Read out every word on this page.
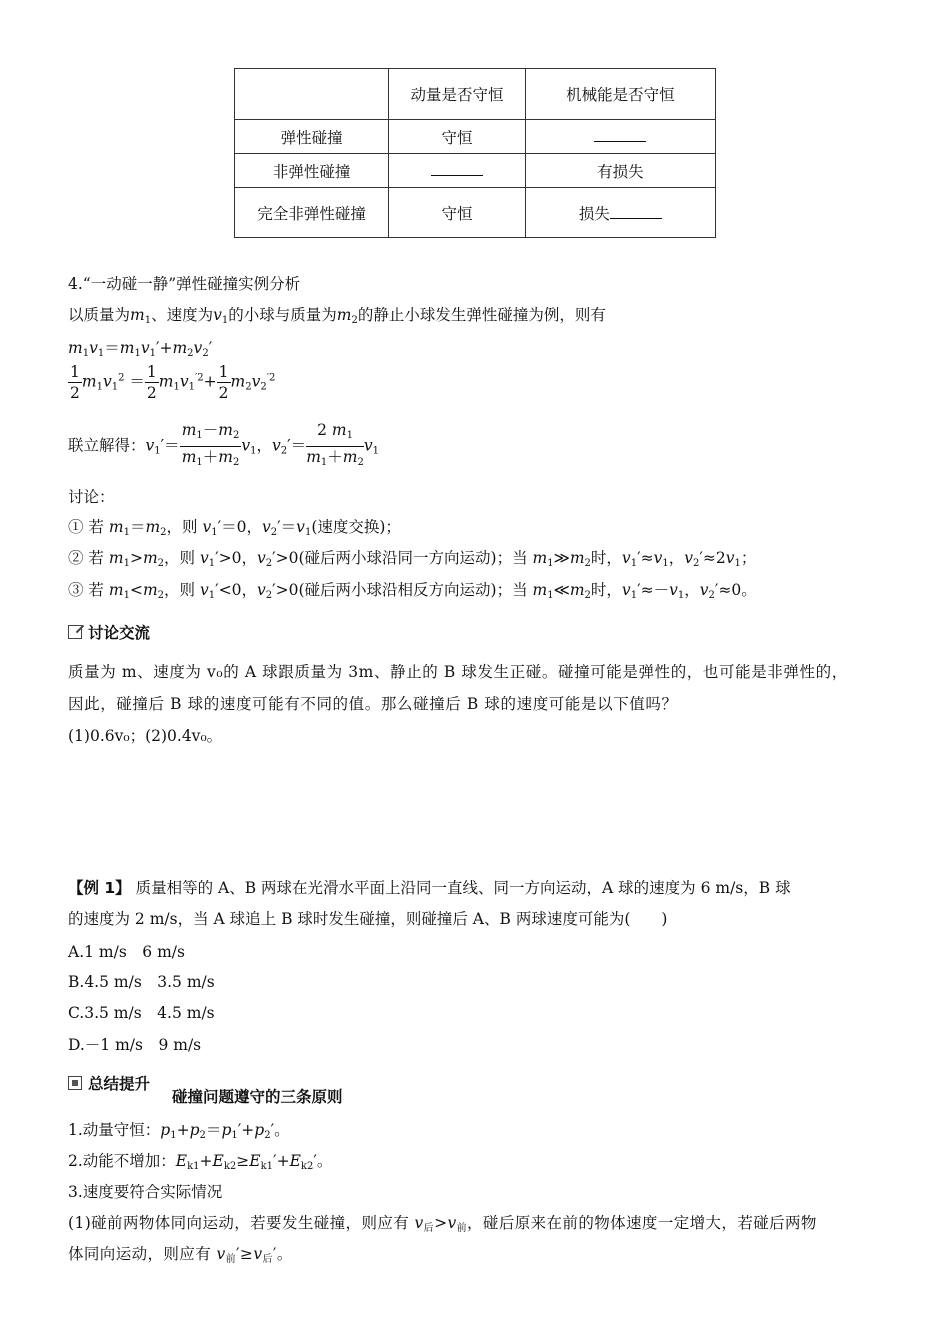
	动量是否守恒	机械能是否守恒
弹性碰撞	守恒	
非弹性碰撞		有损失
完全非弹性碰撞	守恒	损失
4.“一动碰一静”弹性碰撞实例分析
以质量为$m_1$、速度为$v_1$的小球与质量为$m_2$的静止小球发生弹性碰撞为例，则有
$m_1v_1=m_1v_1'+m_2v_2'$
$\frac{1}{2} m_1v_1^2 = \frac{1}{2} m_1v_1^{'2}+ \frac{1}{2} m_2v_2^{'2}$
联立解得：$v_1'= \frac{m_1-m_2}{m_1+m_2} v_1$，$v_2'= \frac{2 m_1}{m_1+m_2} v_1$
讨论：
① 若 $m_1=m_2$，则 $v_1'=0$，$v_2'=v_1$(速度交换)；
② 若 $m_1>m_2$，则 $v_1'>0$，$v_2'>0$(碰后两小球沿同一方向运动)；当 $m_1≫m_2$时，$v_1'\approx v_1$，$v_2'\approx 2v_1$；
③ 若 $m_1<m_2$，则 $v_1'<0$，$v_2'>0$(碰后两小球沿相反方向运动)；当 $m_1≪m_2$时，$v_1'\approx-v_1$，$v_2'\approx 0$。
讨论交流
质量为 m、速度为 v₀的 A 球跟质量为 3m、静止的 B 球发生正碰。碰撞可能是弹性的，也可能是非弹性的，
因此，碰撞后 B 球的速度可能有不同的值。那么碰撞后 B 球的速度可能是以下值吗？
(1)0.6v₀；(2)0.4v₀。
【例 1】 质量相等的 A、B 两球在光滑水平面上沿同一直线、同一方向运动，A 球的速度为 6 m/s，B 球
的速度为 2 m/s，当 A 球追上 B 球时发生碰撞，则碰撞后 A、B 两球速度可能为(　　)
A.1 m/s　6 m/s
B.4.5 m/s　3.5 m/s
C.3.5 m/s　4.5 m/s
D.－1 m/s　9 m/s
总结提升
碰撞问题遵守的三条原则
1.动量守恒：$p_1+p_2=p_1'+p_2'$。
2.动能不增加：$E_{k1}+E_{k2}\ge E_{k1}'+E_{k2}'$。
3.速度要符合实际情况
(1)碰前两物体同向运动，若要发生碰撞，则应有 $v_后>v_前$，碰后原来在前的物体速度一定增大，若碰后两物
体同向运动，则应有 $v_前'\ge v_后'$。
